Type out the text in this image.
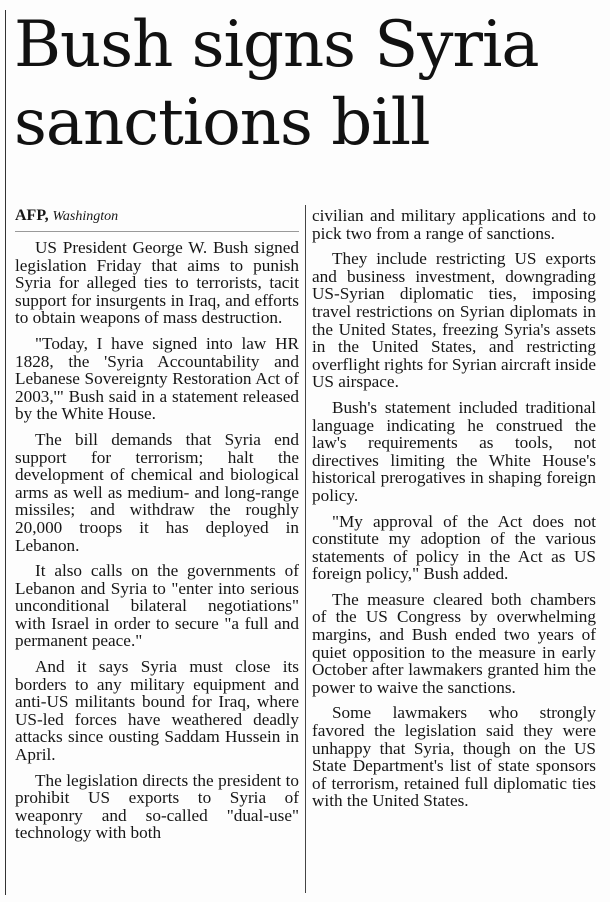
Bush signs Syria sanctions bill
AFP, Washington

US President George W. Bush signed legislation Friday that aims to punish Syria for alleged ties to terrorists, tacit support for insurgents in Iraq, and efforts to obtain weapons of mass destruction.

"Today, I have signed into law HR 1828, the 'Syria Accountability and Lebanese Sovereignty Restoration Act of 2003,'" Bush said in a statement released by the White House.

The bill demands that Syria end support for terrorism; halt the development of chemical and biological arms as well as medium- and long-range missiles; and withdraw the roughly 20,000 troops it has deployed in Lebanon.

It also calls on the governments of Lebanon and Syria to "enter into serious unconditional bilateral negotiations" with Israel in order to secure "a full and permanent peace."

And it says Syria must close its borders to any military equipment and anti-US militants bound for Iraq, where US-led forces have weathered deadly attacks since ousting Saddam Hussein in April.

The legislation directs the president to prohibit US exports to Syria of weaponry and so-called "dual-use" technology with both

civilian and military applications and to pick two from a range of sanctions.

They include restricting US exports and business investment, downgrading US-Syrian diplomatic ties, imposing travel restrictions on Syrian diplomats in the United States, freezing Syria's assets in the United States, and restricting overflight rights for Syrian aircraft inside US airspace.

Bush's statement included traditional language indicating he construed the law's requirements as tools, not directives limiting the White House's historical prerogatives in shaping foreign policy.

"My approval of the Act does not constitute my adoption of the various statements of policy in the Act as US foreign policy," Bush added.

The measure cleared both chambers of the US Congress by overwhelming margins, and Bush ended two years of quiet opposition to the measure in early October after lawmakers granted him the power to waive the sanctions.

Some lawmakers who strongly favored the legislation said they were unhappy that Syria, though on the US State Department's list of state sponsors of terrorism, retained full diplomatic ties with the United States.
